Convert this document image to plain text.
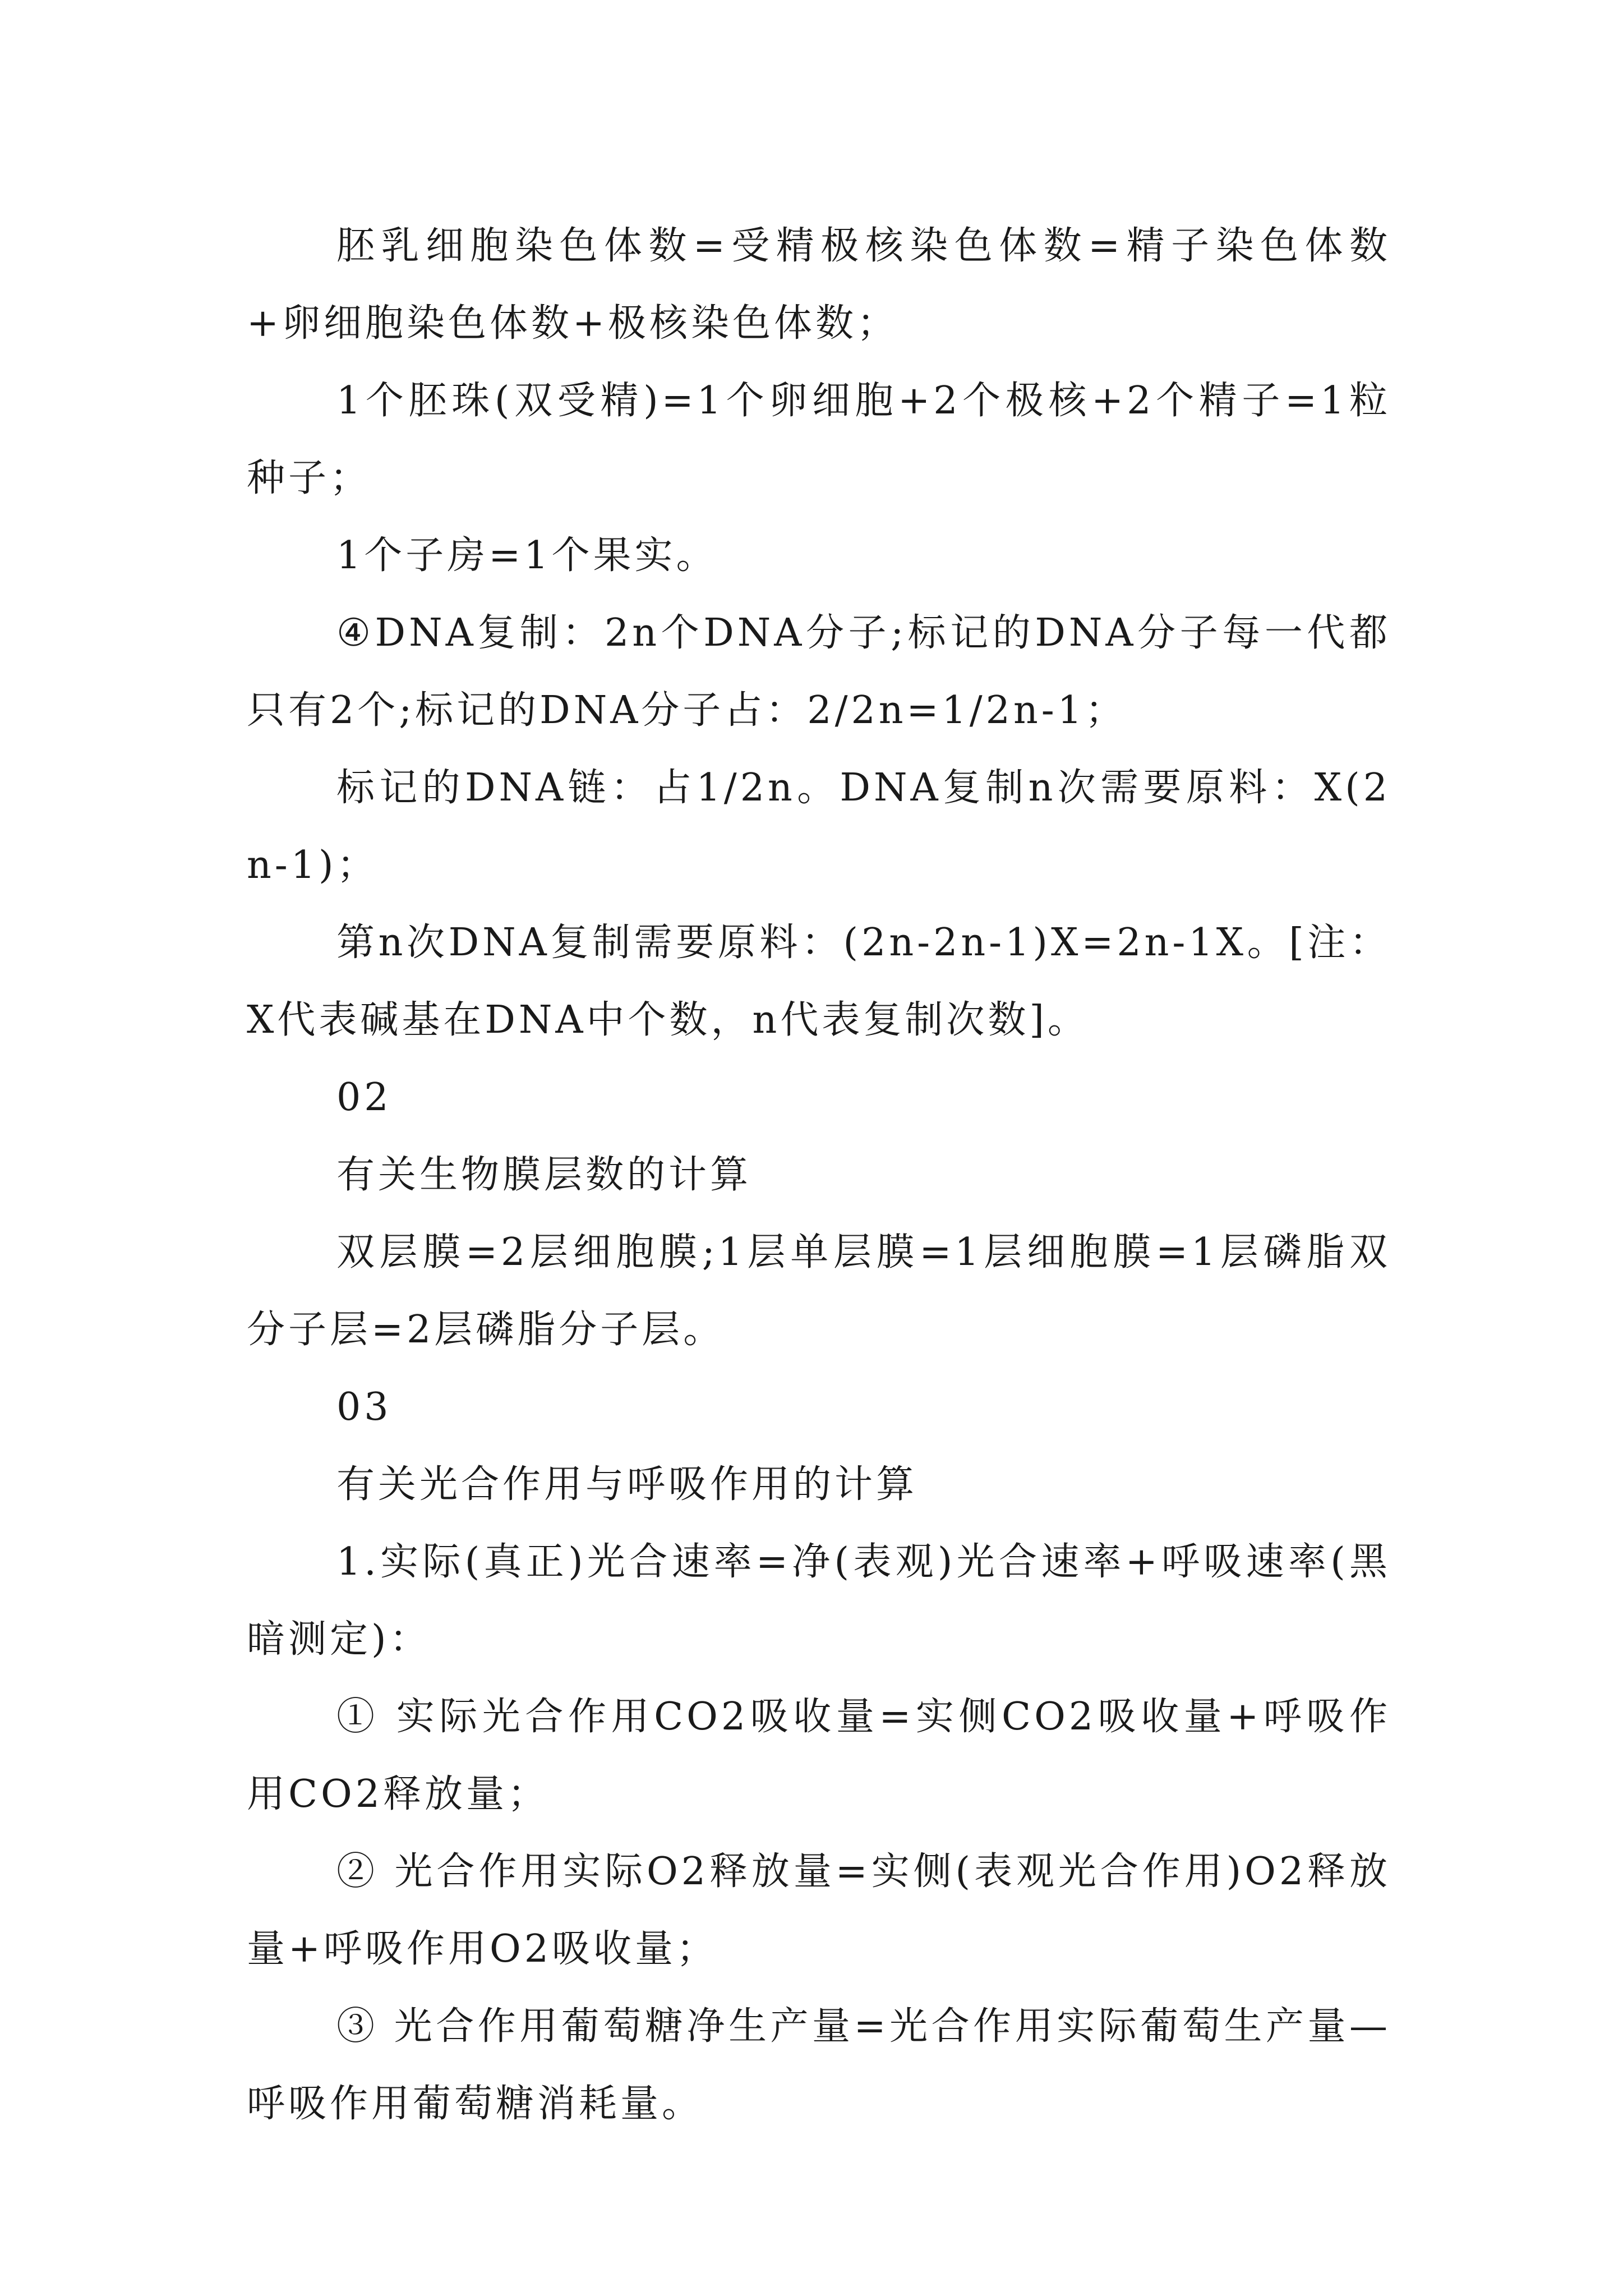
胚乳细胞染色体数=受精极核染色体数=精子染色体数+卵细胞染色体数+极核染色体数；

1个胚珠(双受精)=1个卵细胞+2个极核+2个精子=1粒种子；

1个子房=1个果实。

④DNA复制：2n个DNA分子;标记的DNA分子每一代都只有2个;标记的DNA分子占：2/2n=1/2n-1；

标记的DNA链：占1/2n。DNA复制n次需要原料：X(2n-1)；

第n次DNA复制需要原料：(2n-2n-1)X=2n-1X。[注：X代表碱基在DNA中个数，n代表复制次数]。

02

有关生物膜层数的计算

双层膜=2层细胞膜;1层单层膜=1层细胞膜=1层磷脂双分子层=2层磷脂分子层。

03

有关光合作用与呼吸作用的计算

1.实际(真正)光合速率=净(表观)光合速率+呼吸速率(黑暗测定)：

① 实际光合作用CO2吸收量=实侧CO2吸收量+呼吸作用CO2释放量；

② 光合作用实际O2释放量=实侧(表观光合作用)O2释放量+呼吸作用O2吸收量；

③ 光合作用葡萄糖净生产量=光合作用实际葡萄生产量—呼吸作用葡萄糖消耗量。
